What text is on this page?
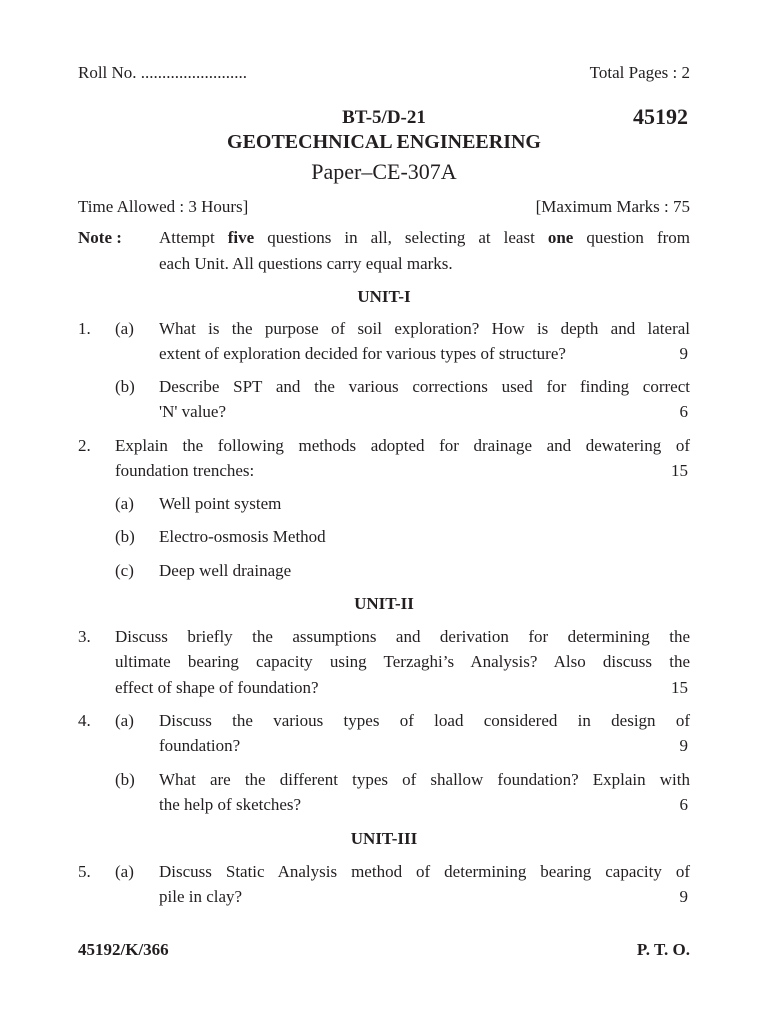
Roll No. .........................	Total Pages : 2
BT-5/D-21	45192
GEOTECHNICAL ENGINEERING
Paper–CE-307A
Time Allowed : 3 Hours]	[Maximum Marks : 75
Note : Attempt five questions in all, selecting at least one question from
each Unit. All questions carry equal marks.
UNIT-I
1. (a) What is the purpose of soil exploration? How is depth and lateral
extent of exploration decided for various types of structure?	9
(b) Describe SPT and the various corrections used for finding correct
'N' value?	6
2. Explain the following methods adopted for drainage and dewatering of
foundation trenches:	15
(a) Well point system
(b) Electro-osmosis Method
(c) Deep well drainage
UNIT-II
3. Discuss briefly the assumptions and derivation for determining the
ultimate bearing capacity using Terzaghi’s Analysis? Also discuss the
effect of shape of foundation?	15
4. (a) Discuss the various types of load considered in design of
foundation?	9
(b) What are the different types of shallow foundation? Explain with
the help of sketches?	6
UNIT-III
5. (a) Discuss Static Analysis method of determining bearing capacity of
pile in clay?	9
45192/K/366	P. T. O.
